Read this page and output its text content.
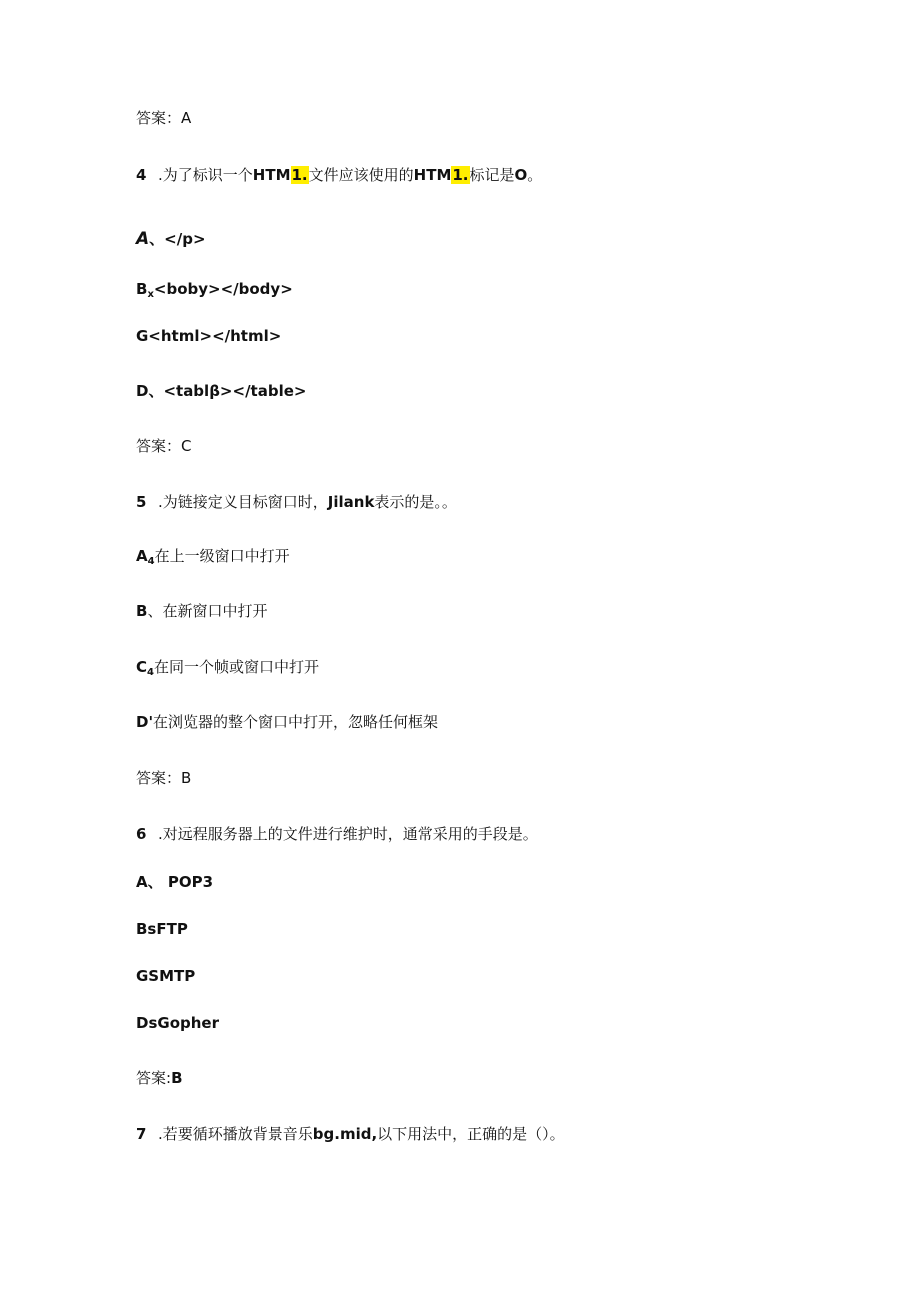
答案：A
4 .为了标识一个HTM1.文件应该使用的HTM1.标记是O。
A、</p>
$B_x<boby></body>$
G<html></html>
D、<tablβ></table>
答案：C
5 .为链接定义目标窗口时，Jilank表示的是。。
$A_4$在上一级窗口中打开
B、在新窗口中打开
$C_4$在同一个帧或窗口中打开
D'在浏览器的整个窗口中打开，忽略任何框架
答案：B
6 .对远程服务器上的文件进行维护时，通常采用的手段是。
A、 POP3
BsFTP
GSMTP
DsGopher
答案:B
7 .若要循环播放背景音乐bg.mid,以下用法中，正确的是（）。
